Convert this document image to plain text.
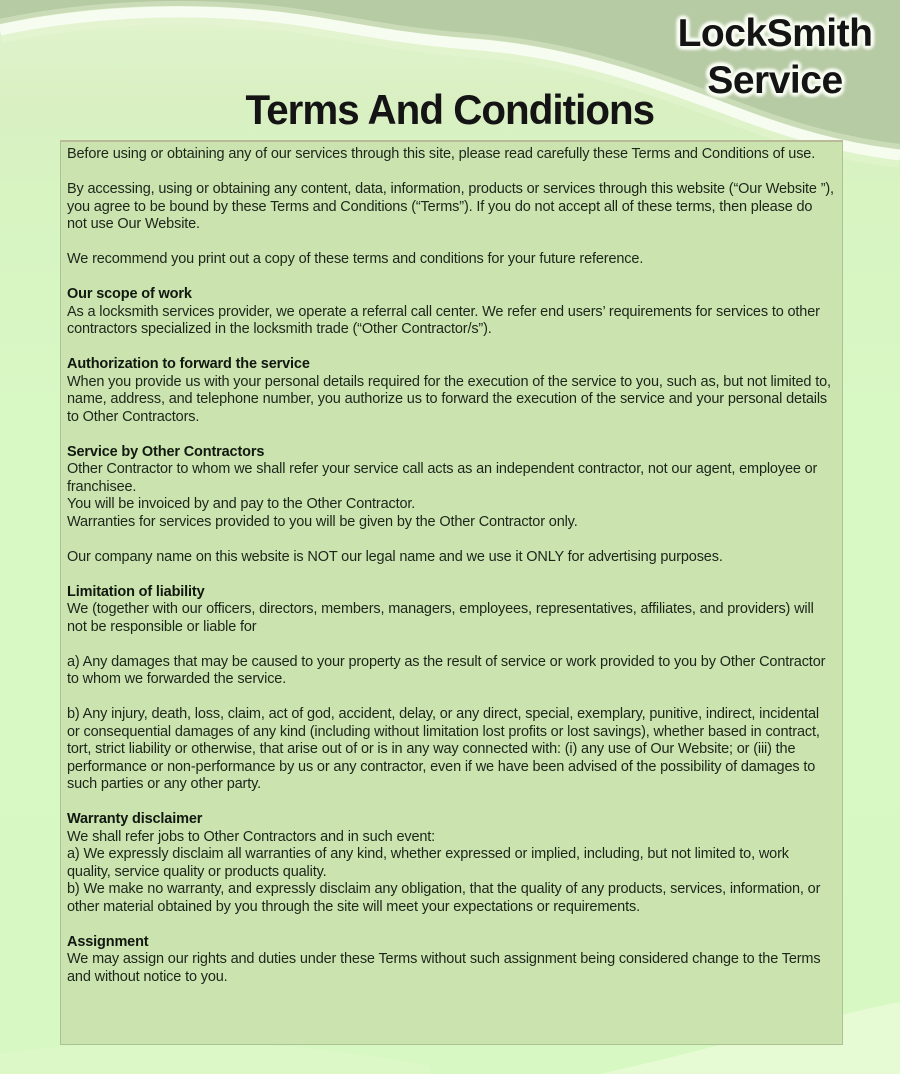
LockSmith
Service
Terms And Conditions

Before using or obtaining any of our services through this site, please read carefully these Terms and Conditions of use.

By accessing, using or obtaining any content, data, information, products or services through this website (“Our Website ”), you agree to be bound by these Terms and Conditions (“Terms”). If you do not accept all of these terms, then please do not use Our Website.

We recommend you print out a copy of these terms and conditions for your future reference.

Our scope of work

As a locksmith services provider, we operate a referral call center. We refer end users’ requirements for services to other contractors specialized in the locksmith trade (“Other Contractor/s”).

Authorization to forward the service

When you provide us with your personal details required for the execution of the service to you, such as, but not limited to, name, address, and telephone number, you authorize us to forward the execution of the service and your personal details to Other Contractors.

Service by Other Contractors

Other Contractor to whom we shall refer your service call acts as an independent contractor, not our agent, employee or franchisee.

You will be invoiced by and pay to the Other Contractor.

Warranties for services provided to you will be given by the Other Contractor only.

Our company name on this website is NOT our legal name and we use it ONLY for advertising purposes.

Limitation of liability

We (together with our officers, directors, members, managers, employees, representatives, affiliates, and providers) will not be responsible or liable for

a) Any damages that may be caused to your property as the result of service or work provided to you by Other Contractor to whom we forwarded the service.

b) Any injury, death, loss, claim, act of god, accident, delay, or any direct, special, exemplary, punitive, indirect, incidental or consequential damages of any kind (including without limitation lost profits or lost savings), whether based in contract, tort, strict liability or otherwise, that arise out of or is in any way connected with: (i) any use of Our Website; or (iii) the performance or non-performance by us or any contractor, even if we have been advised of the possibility of damages to such parties or any other party.

Warranty disclaimer

We shall refer jobs to Other Contractors and in such event:

a) We expressly disclaim all warranties of any kind, whether expressed or implied, including, but not limited to, work quality, service quality or products quality.

b) We make no warranty, and expressly disclaim any obligation, that the quality of any products, services, information, or other material obtained by you through the site will meet your expectations or requirements.

Assignment

We may assign our rights and duties under these Terms without such assignment being considered change to the Terms and without notice to you.
